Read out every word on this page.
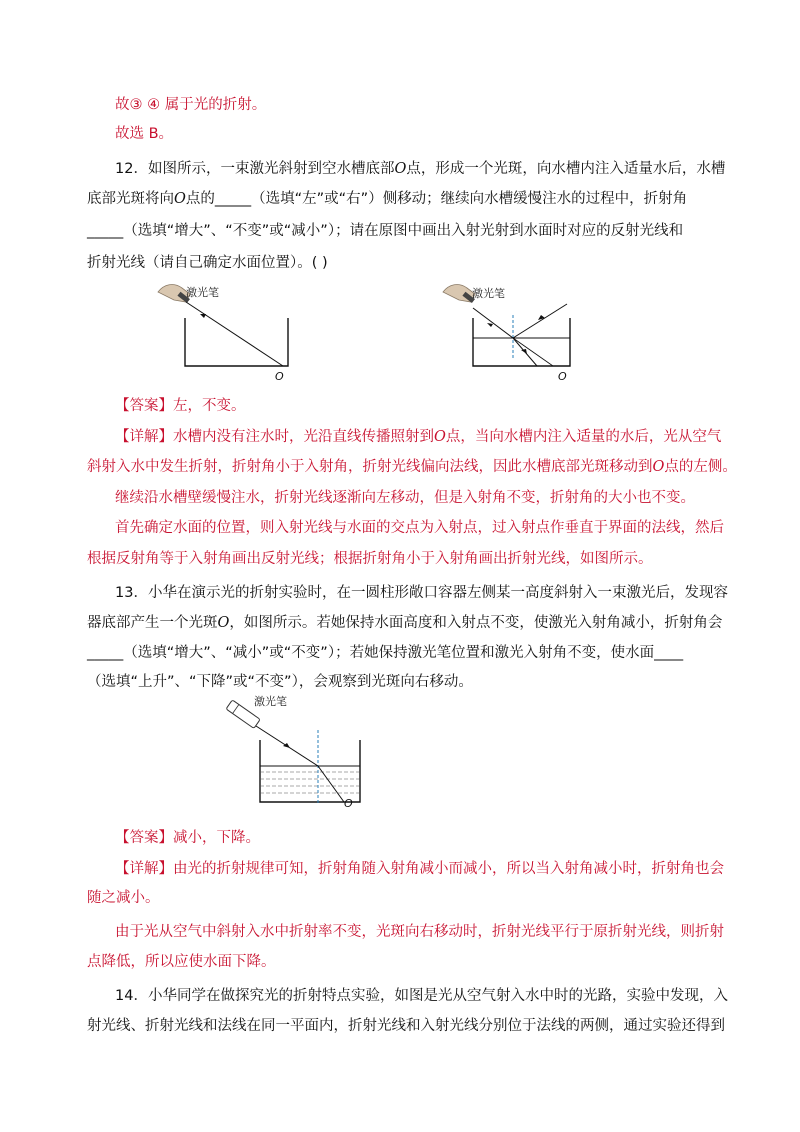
故③ ④ 属于光的折射。
故选 B。
12．如图所示，一束激光斜射到空水槽底部O点，形成一个光斑，向水槽内注入适量水后，水槽
底部光斑将向O点的_____（选填“左”或“右”）侧移动；继续向水槽缓慢注水的过程中，折射角
_____（选填“增大”、“不变”或“减小”）；请在原图中画出入射光射到水面时对应的反射光线和
折射光线（请自己确定水面位置）。( )
激光笔
O
激光笔
O
【答案】左，不变。
【详解】水槽内没有注水时，光沿直线传播照射到O点，当向水槽内注入适量的水后，光从空气
斜射入水中发生折射，折射角小于入射角，折射光线偏向法线，因此水槽底部光斑移动到O点的左侧。
继续沿水槽壁缓慢注水，折射光线逐渐向左移动，但是入射角不变，折射角的大小也不变。
首先确定水面的位置，则入射光线与水面的交点为入射点，过入射点作垂直于界面的法线，然后
根据反射角等于入射角画出反射光线；根据折射角小于入射角画出折射光线，如图所示。
13．小华在演示光的折射实验时，在一圆柱形敞口容器左侧某一高度斜射入一束激光后，发现容
器底部产生一个光斑O，如图所示。若她保持水面高度和入射点不变，使激光入射角减小，折射角会
_____（选填“增大”、“减小”或“不变”）；若她保持激光笔位置和激光入射角不变，使水面____
（选填“上升”、“下降”或“不变”），会观察到光斑向右移动。
激光笔
O
【答案】减小，下降。
【详解】由光的折射规律可知，折射角随入射角减小而减小，所以当入射角减小时，折射角也会
随之减小。
由于光从空气中斜射入水中折射率不变，光斑向右移动时，折射光线平行于原折射光线，则折射
点降低，所以应使水面下降。
14．小华同学在做探究光的折射特点实验，如图是光从空气射入水中时的光路，实验中发现，入
射光线、折射光线和法线在同一平面内，折射光线和入射光线分别位于法线的两侧，通过实验还得到
